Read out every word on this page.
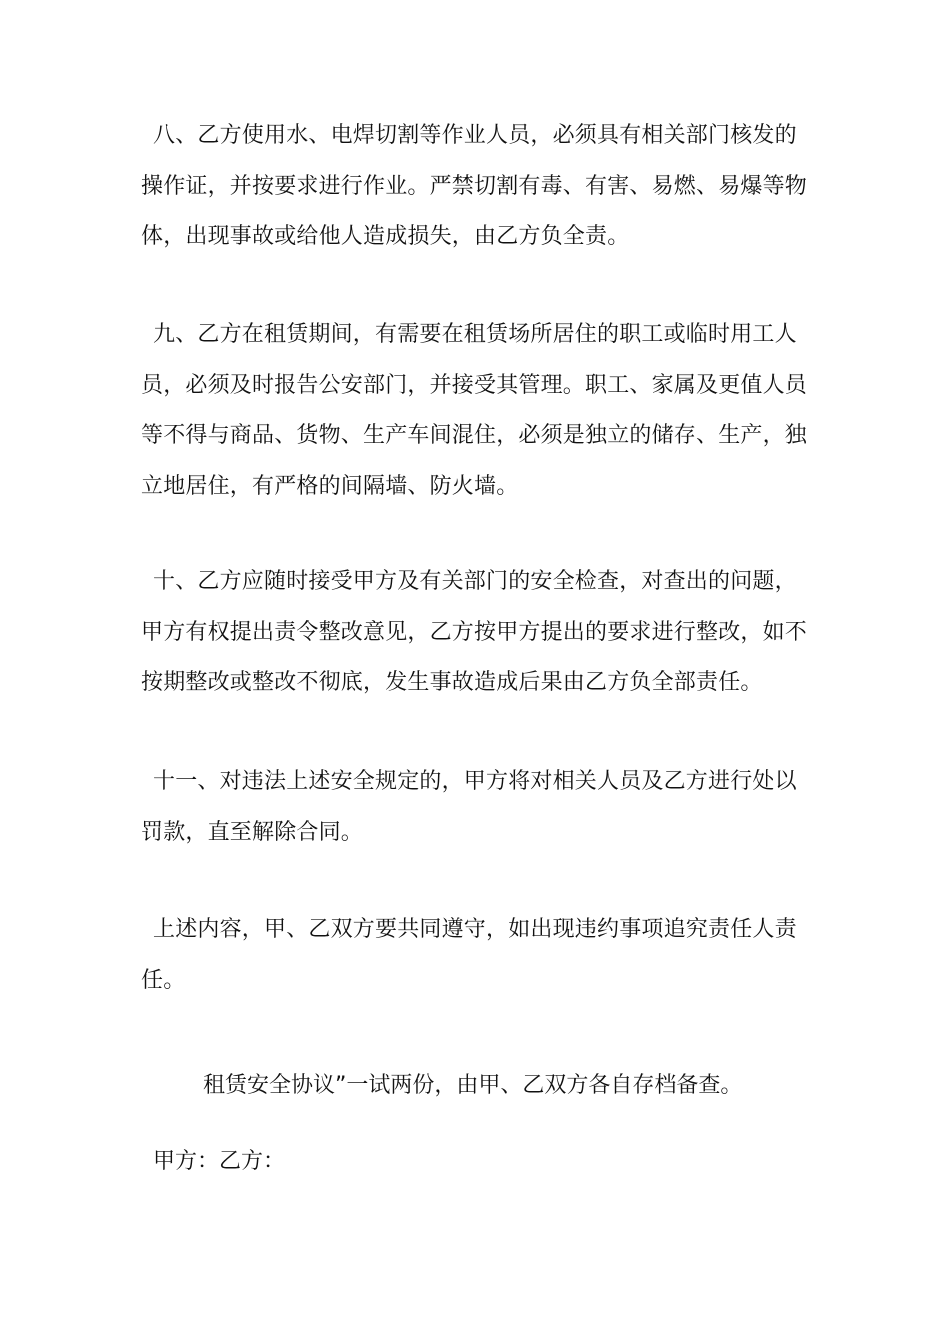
八、乙方使用水、电焊切割等作业人员，必须具有相关部门核发的
操作证，并按要求进行作业。严禁切割有毒、有害、易燃、易爆等物
体，出现事故或给他人造成损失，由乙方负全责。

九、乙方在租赁期间，有需要在租赁场所居住的职工或临时用工人
员，必须及时报告公安部门，并接受其管理。职工、家属及更值人员
等不得与商品、货物、生产车间混住，必须是独立的储存、生产，独
立地居住，有严格的间隔墙、防火墙。

十、乙方应随时接受甲方及有关部门的安全检查，对查出的问题，
甲方有权提出责令整改意见，乙方按甲方提出的要求进行整改，如不
按期整改或整改不彻底，发生事故造成后果由乙方负全部责任。

十一、对违法上述安全规定的，甲方将对相关人员及乙方进行处以
罚款，直至解除合同。

上述内容，甲、乙双方要共同遵守，如出现违约事项追究责任人责
任。

租赁安全协议”一试两份，由甲、乙双方各自存档备查。
甲方：乙方：
